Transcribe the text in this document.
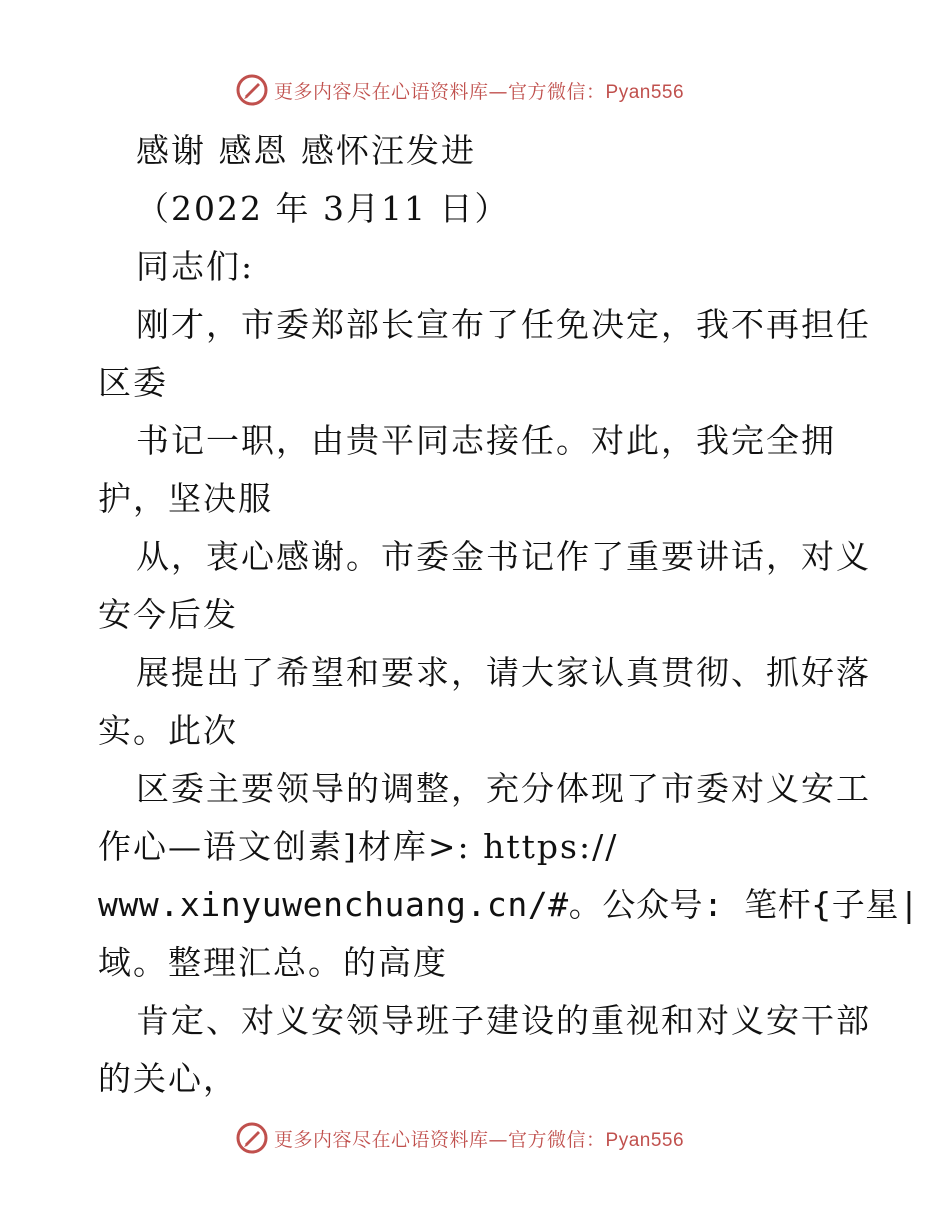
更多内容尽在心语资料库—官方微信：Pyan556
感谢 感恩 感怀汪发进
（2022 年 3月11 日）
同志们:
刚才，市委郑部长宣布了任免决定，我不再担任
区委
书记一职，由贵平同志接任。对此，我完全拥
护，坚决服
从，衷心感谢。市委金书记作了重要讲话，对义
安今后发
展提出了希望和要求，请大家认真贯彻、抓好落
实。此次
区委主要领导的调整，充分体现了市委对义安工
作心—语文创素]材库>: https://
www.xinyuwenchuang.cn/#。公众号: 笔杆{子星|
域。整理汇总。的高度
肯定、对义安领导班子建设的重视和对义安干部
的关心，
更多内容尽在心语资料库—官方微信：Pyan556
